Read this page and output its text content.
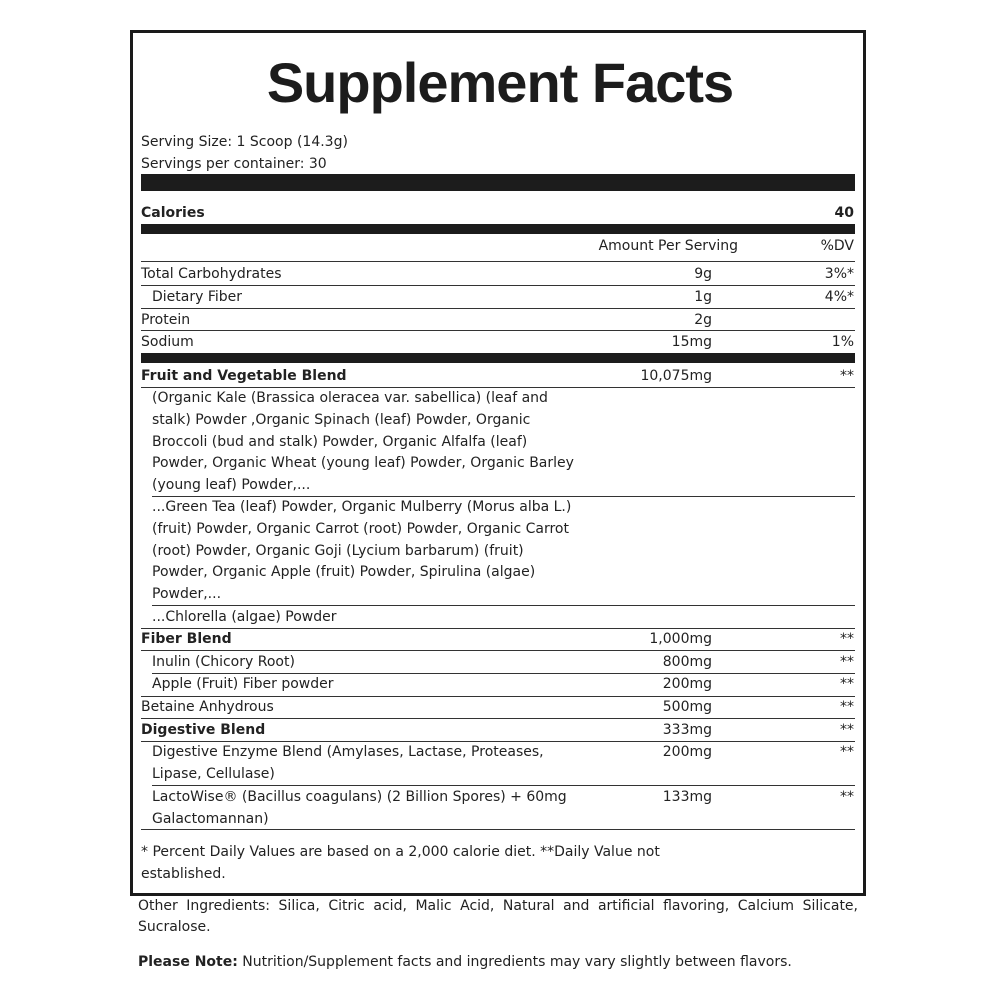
Supplement Facts
Serving Size: 1 Scoop (14.3g)
Servings per container: 30
Calories	40
Amount Per Serving	%DV
Total Carbohydrates	9g	3%*
Dietary Fiber	1g	4%*
Protein	2g
Sodium	15mg	1%
Fruit and Vegetable Blend	10,075mg	**
(Organic Kale (Brassica oleracea var. sabellica) (leaf and
stalk) Powder ,Organic Spinach (leaf) Powder, Organic
Broccoli (bud and stalk) Powder, Organic Alfalfa (leaf)
Powder, Organic Wheat (young leaf) Powder, Organic Barley
(young leaf) Powder,...
...Green Tea (leaf) Powder, Organic Mulberry (Morus alba L.)
(fruit) Powder, Organic Carrot (root) Powder, Organic Carrot
(root) Powder, Organic Goji (Lycium barbarum) (fruit)
Powder, Organic Apple (fruit) Powder, Spirulina (algae)
Powder,...
...Chlorella (algae) Powder
Fiber Blend	1,000mg	**
Inulin (Chicory Root)	800mg	**
Apple (Fruit) Fiber powder	200mg	**
Betaine Anhydrous	500mg	**
Digestive Blend	333mg	**
Digestive Enzyme Blend (Amylases, Lactase, Proteases,
Lipase, Cellulase)
200mg	**
LactoWise® (Bacillus coagulans) (2 Billion Spores) + 60mg
Galactomannan)
133mg	**
* Percent Daily Values are based on a 2,000 calorie diet. **Daily Value not
established.
Other Ingredients: Silica, Citric acid, Malic Acid, Natural and artificial flavoring, Calcium Silicate, Sucralose.
Please Note: Nutrition/Supplement facts and ingredients may vary slightly between flavors.
